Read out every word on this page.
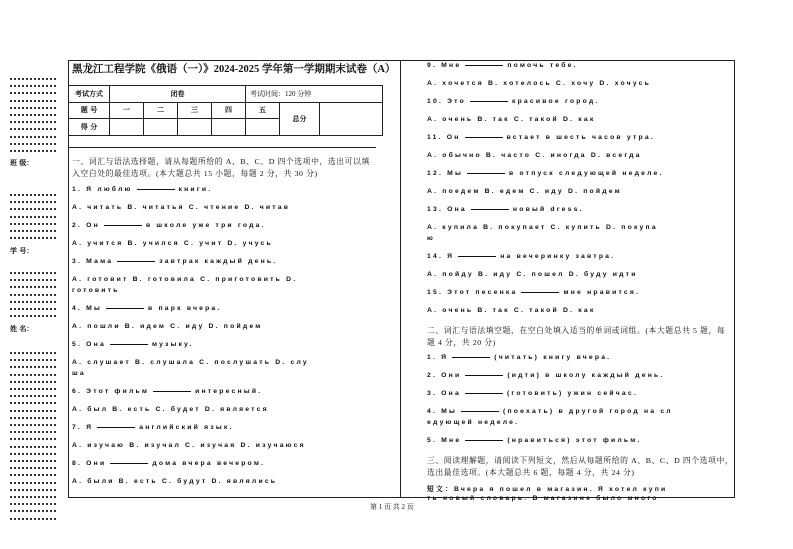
黑龙江工程学院《俄语（一）》2024-2025 学年第一学期期末试卷（A）
考试方式	闭卷				考试时间：120 分钟		
题 号	一	二	三	四	五	总分	
得 分							
班 级：
学 号：
姓 名：
一、词汇与语法选择题，请从每题所给的 A、B、C、D 四个选项中，选出可以填
入空白处的最佳选项。(本大题总共 15 小题，每题 2 分，共 30 分)
1. Я люблю	книги.
A. читать B. читатья C. чтение D. читав
2. Он	в школе уже три года.
A. учится B. учился C. учит D. учусь
3. Мама	завтрак каждый день.
A. готовит B. готовила C. приготовить D.
готовить
4. Мы	в парк вчера.
A. пошли B. идем C. иду D. пойдем
5. Она	музыку.
A. слушает B. слушала C. послушать D. слу
ша
6. Этот фильм	интересный.
A. был B. есть C. будет D. является
7. Я	английский язык.
A. изучаю B. изучал C. изучая D. изучаюся
8. Они	дома вчера вечером.
A. были B. есть C. будут D. являлись
9. Мне	помочь тебе.
A. хочется B. хотелось C. хочу D. хочусь
10. Это	красивое город.
A. очень B. так C. такой D. как
11. Он	встает в шесть часов утра.
A. обычно B. часто C. иногда D. всегда
12. Мы	в отпуск следующей неделе.
A. поедем B. едем C. иду D. пойдем
13. Она	новый dress.
A. купила B. покупает C. купить D. покупа
ю
14. Я	на вечеринку завтра.
A. пойду B. иду C. пошел D. буду идти
15. Этот песенка	мне нравится.
A. очень B. так C. такой D. как
二、词汇与语法填空题，在空白处填入适当的单词或词组。(本大题总共 5 题，每
题 4 分，共 20 分)
1. Я	(читать) книгу вчера.
2. Они	(идти) в школу каждый день.
3. Она	(готовить) ужин сейчас.
4. Мы	(поехать) в другой город на сл
едующей неделе.
5. Мне	(нравиться) этот фильм.
三、阅读理解题，请阅读下列短文，然后从每题所给的 A、B、C、D 四个选项中，
选出最佳选项。(本大题总共 6 题，每题 4 分，共 24 分)
短文：Вчера я пошел в магазин. Я хотел купи
ть новый словарь. В магазине было много
第 1 页 共 2 页
